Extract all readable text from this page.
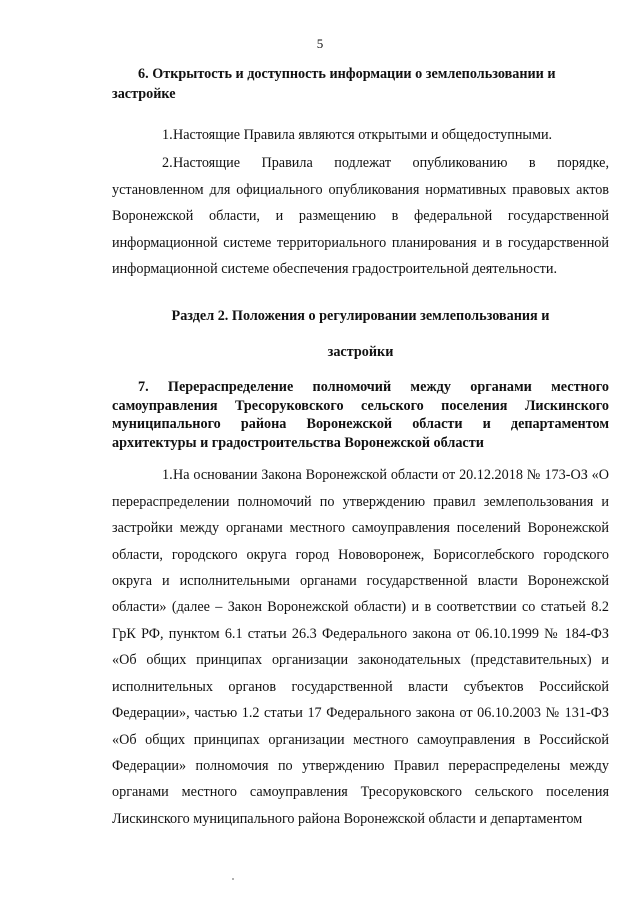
5

6. Открытость и доступность информации о землепользовании и застройке

1.Настоящие Правила являются открытыми и общедоступными.

2.Настоящие Правила подлежат опубликованию в порядке, установленном для официального опубликования нормативных правовых актов Воронежской области, и размещению в федеральной государственной информационной системе территориального планирования и в государственной информационной системе обеспечения градостроительной деятельности.

Раздел 2. Положения о регулировании землепользования и
застройки

7. Перераспределение полномочий между органами местного самоуправления Тресоруковского сельского поселения Лискинского муниципального района Воронежской области и департаментом архитектуры и градостроительства Воронежской области

1.На основании Закона Воронежской области от 20.12.2018 № 173-ОЗ «О перераспределении полномочий по утверждению правил землепользования и застройки между органами местного самоуправления поселений Воронежской области, городского округа город Нововоронеж, Борисоглебского городского округа и исполнительными органами государственной власти Воронежской области» (далее – Закон Воронежской области) и в соответствии со статьей 8.2 ГрК РФ, пунктом 6.1 статьи 26.3 Федерального закона от 06.10.1999 № 184-ФЗ «Об общих принципах организации законодательных (представительных) и исполнительных органов государственной власти субъектов Российской Федерации», частью 1.2 статьи 17 Федерального закона от 06.10.2003 № 131-ФЗ «Об общих принципах организации местного самоуправления в Российской Федерации» полномочия по утверждению Правил перераспределены между органами местного самоуправления Тресоруковского сельского поселения Лискинского муниципального района Воронежской области и департаментом
